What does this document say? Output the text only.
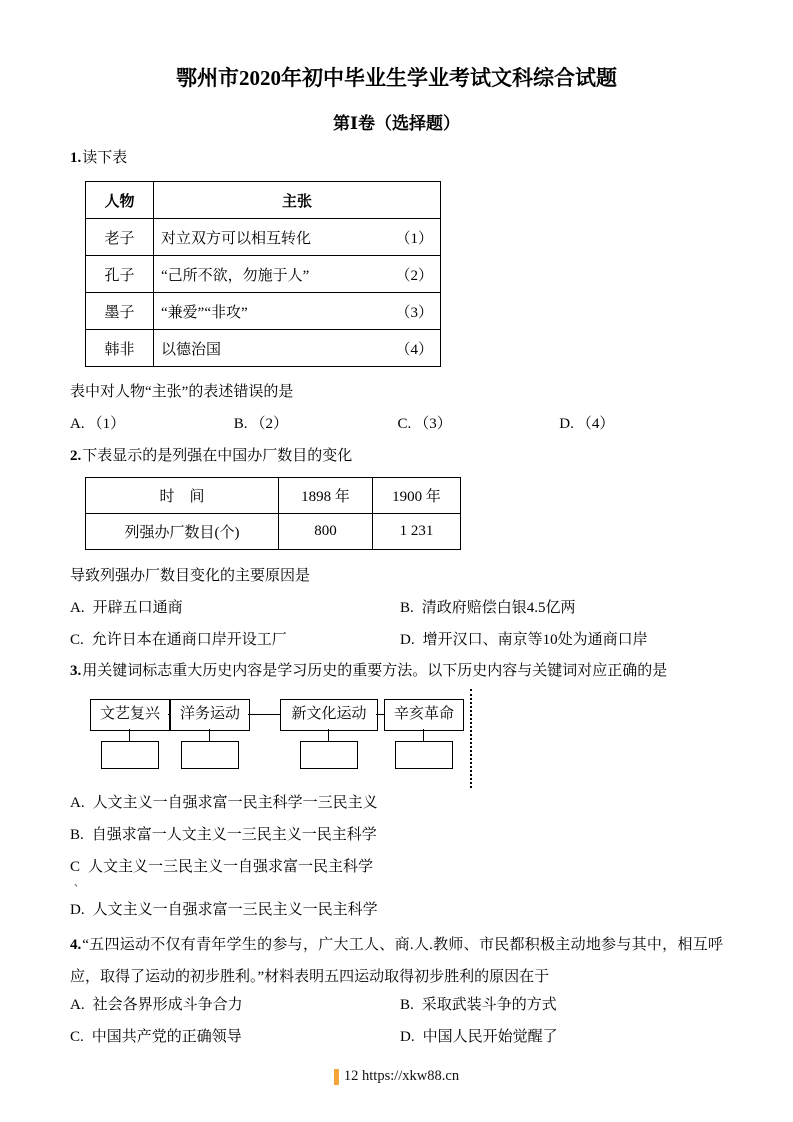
鄂州市2020年初中毕业生学业考试文科综合试题
第Ⅰ卷（选择题）
1.读下表
人物	主张
老子	对立双方可以相互转化 （1）

孔子	“己所不欲，勿施于人” （2）

墨子	“兼爱”“非攻” （3）

韩非	以德治国 （4）
表中对人物“主张”的表述错误的是
A. （1）	B. （2）	C. （3）	D. （4）
2.下表显示的是列强在中国办厂数目的变化
时　间	1898 年	1900 年
列强办厂数目(个)	800	1 231
导致列强办厂数目变化的主要原因是
A. 开辟五口通商	B. 清政府赔偿白银4.5亿两
C. 允许日本在通商口岸开设工厂	D. 增开汉口、南京等10处为通商口岸
3.用关键词标志重大历史内容是学习历史的重要方法。以下历史内容与关键词对应正确的是
文艺复兴	洋务运动	新文化运动	辛亥革命
A. 人文主义一自强求富一民主科学一三民主义
B. 自强求富一人文主义一三民主义一民主科学
C 人文主义一三民主义一自强求富一民主科学
、
D. 人文主义一自强求富一三民主义一民主科学
4.“五四运动不仅有青年学生的参与，广大工人、商.人.教师、市民都积极主动地参与其中，相互呼应，取得了运动的初步胜利。”材料表明五四运动取得初步胜利的原因在于
A. 社会各界形成斗争合力	B. 采取武装斗争的方式
C. 中国共产党的正确领导	D. 中国人民开始觉醒了
12 https://xkw88.cn
